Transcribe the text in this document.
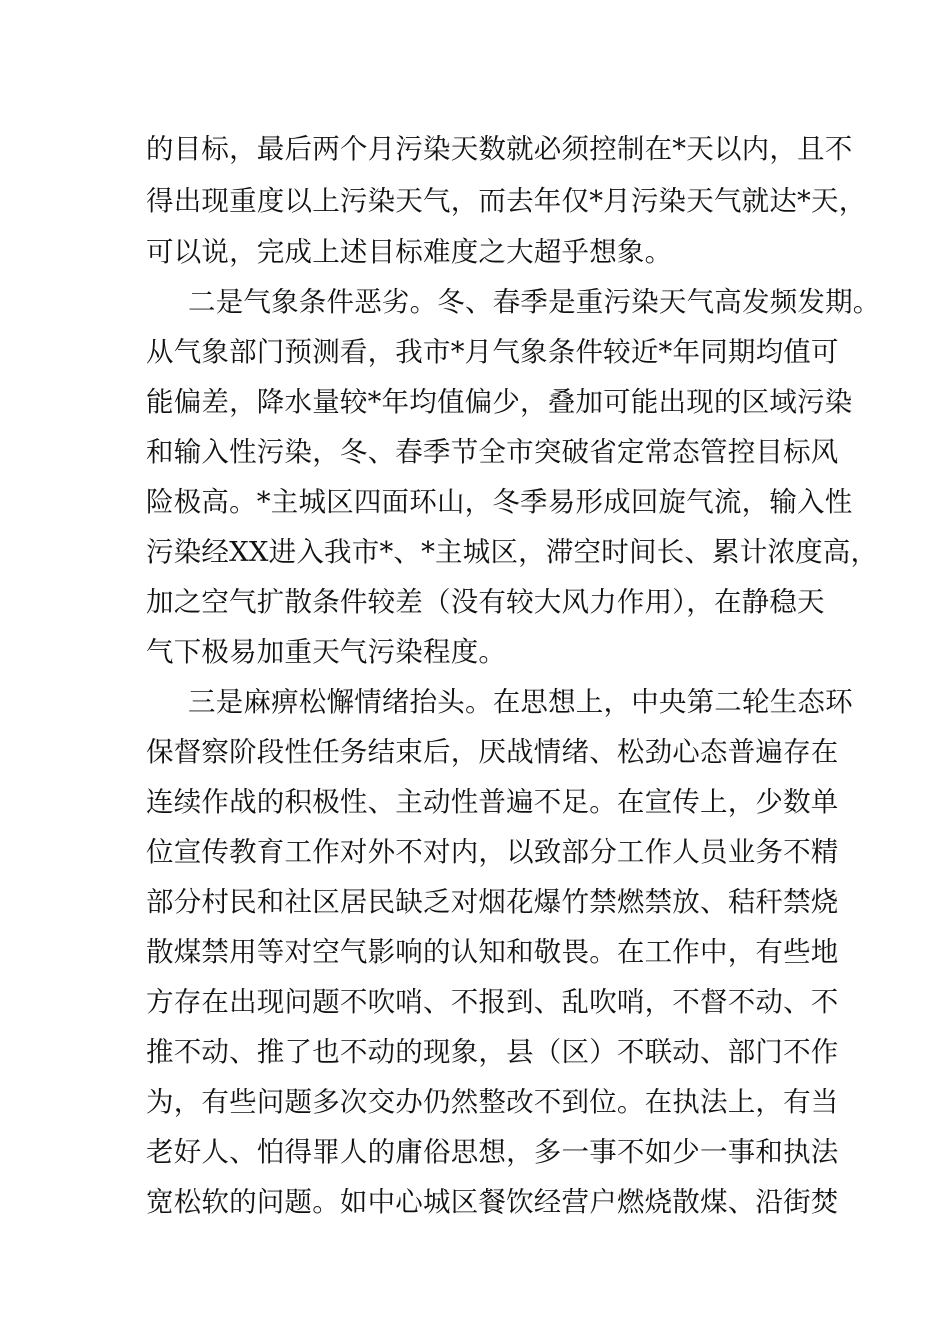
的目标，最后两个月污染天数就必须控制在*天以内，且不
得出现重度以上污染天气，而去年仅*月污染天气就达*天，
可以说，完成上述目标难度之大超乎想象。
二是气象条件恶劣。冬、春季是重污染天气高发频发期。
从气象部门预测看，我市*月气象条件较近*年同期均值可
能偏差，降水量较*年均值偏少，叠加可能出现的区域污染
和输入性污染，冬、春季节全市突破省定常态管控目标风
险极高。*主城区四面环山，冬季易形成回旋气流，输入性
污染经XX进入我市*、*主城区，滞空时间长、累计浓度高，
加之空气扩散条件较差（没有较大风力作用），在静稳天
气下极易加重天气污染程度。
三是麻痹松懈情绪抬头。在思想上，中央第二轮生态环
保督察阶段性任务结束后，厌战情绪、松劲心态普遍存在
连续作战的积极性、主动性普遍不足。在宣传上，少数单
位宣传教育工作对外不对内，以致部分工作人员业务不精
部分村民和社区居民缺乏对烟花爆竹禁燃禁放、秸秆禁烧
散煤禁用等对空气影响的认知和敬畏。在工作中，有些地
方存在出现问题不吹哨、不报到、乱吹哨，不督不动、不
推不动、推了也不动的现象，县（区）不联动、部门不作
为，有些问题多次交办仍然整改不到位。在执法上，有当
老好人、怕得罪人的庸俗思想，多一事不如少一事和执法
宽松软的问题。如中心城区餐饮经营户燃烧散煤、沿街焚
